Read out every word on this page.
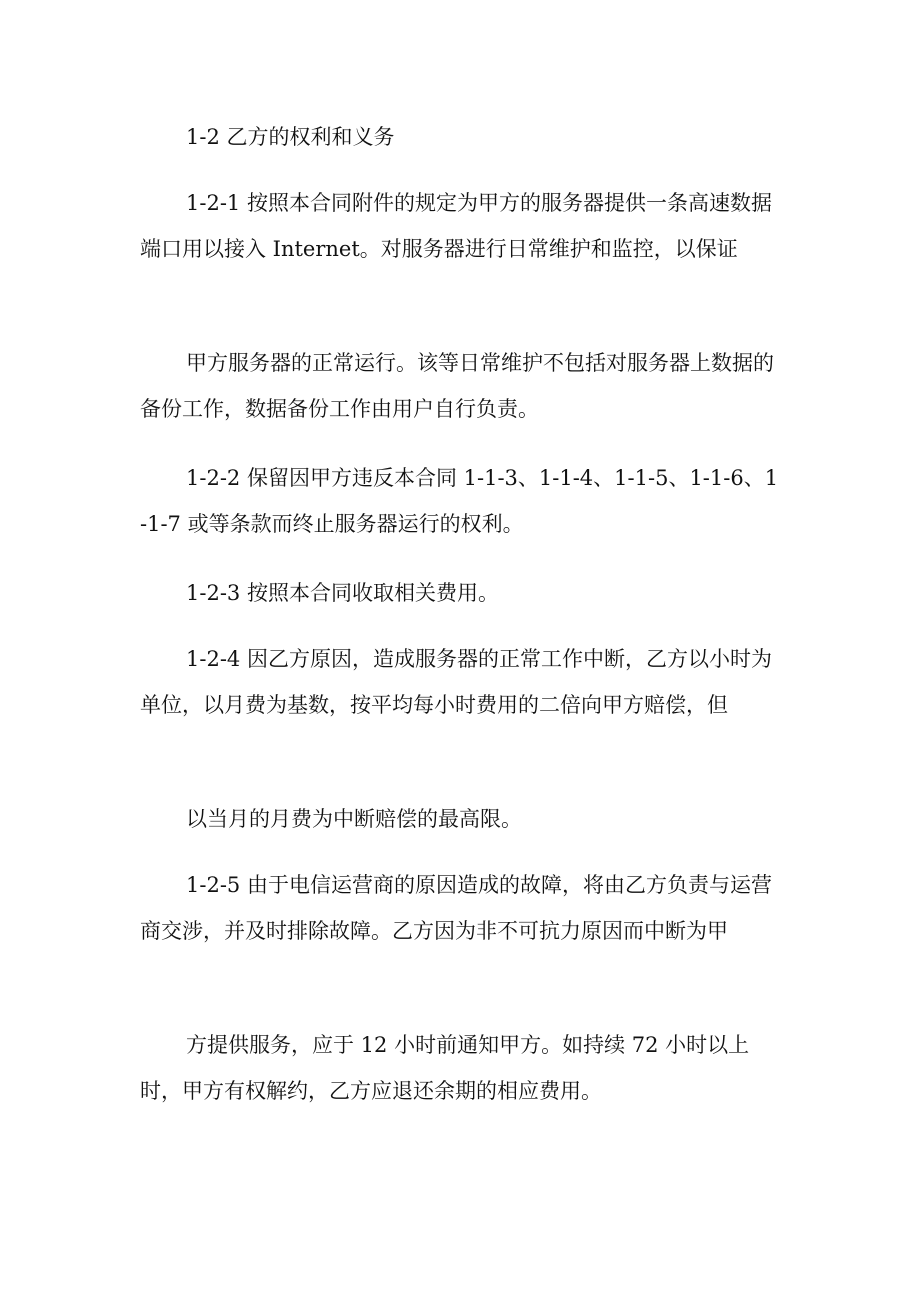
1-2 乙方的权利和义务

1-2-1 按照本合同附件的规定为甲方的服务器提供一条高速数据端口用以接入 Internet。对服务器进行日常维护和监控，以保证

甲方服务器的正常运行。该等日常维护不包括对服务器上数据的备份工作，数据备份工作由用户自行负责。

1-2-2 保留因甲方违反本合同 1-1-3、1-1-4、1-1-5、1-1-6、1-1-7 或等条款而终止服务器运行的权利。

1-2-3 按照本合同收取相关费用。

1-2-4 因乙方原因，造成服务器的正常工作中断，乙方以小时为单位，以月费为基数，按平均每小时费用的二倍向甲方赔偿，但

以当月的月费为中断赔偿的最高限。

1-2-5 由于电信运营商的原因造成的故障，将由乙方负责与运营商交涉，并及时排除故障。乙方因为非不可抗力原因而中断为甲

方提供服务，应于 12 小时前通知甲方。如持续 72 小时以上时，甲方有权解约，乙方应退还余期的相应费用。
